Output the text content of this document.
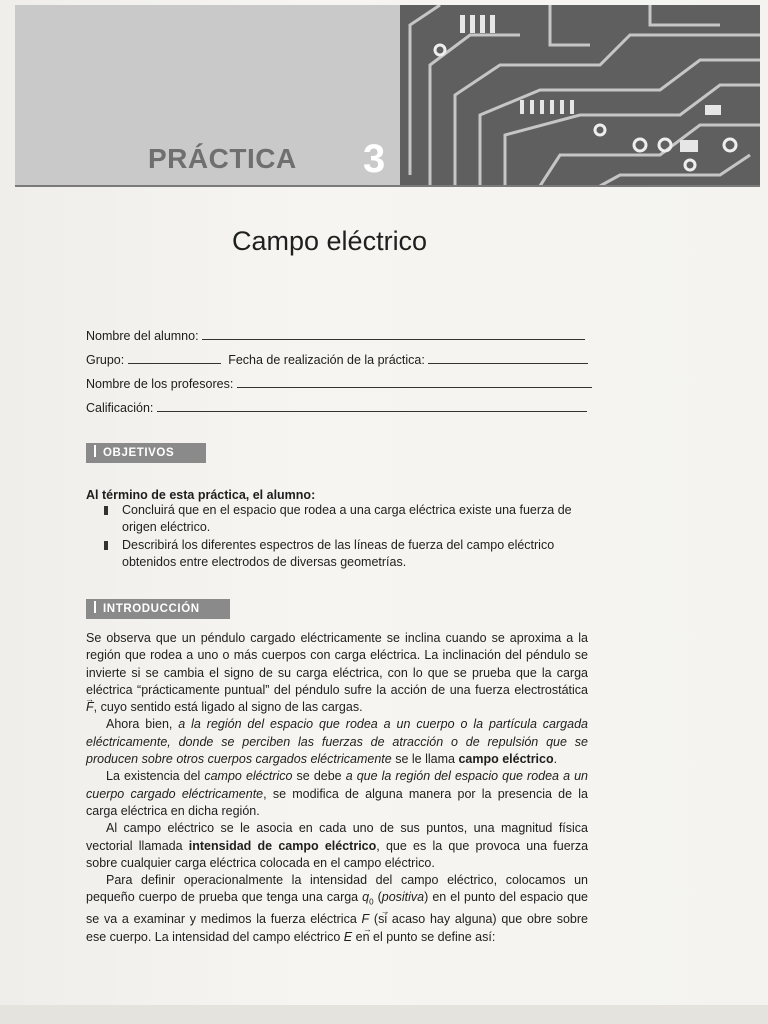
PRÁCTICA 3
Campo eléctrico
Nombre del alumno:
Grupo:	Fecha de realización de la práctica:
Nombre de los profesores:
Calificación:
OBJETIVOS
Al término de esta práctica, el alumno:
Concluirá que en el espacio que rodea a una carga eléctrica existe una fuerza de origen eléctrico.
Describirá los diferentes espectros de las líneas de fuerza del campo eléctrico obtenidos entre electrodos de diversas geometrías.
INTRODUCCIÓN

Se observa que un péndulo cargado eléctricamente se inclina cuando se aproxima a la región que rodea a uno o más cuerpos con carga eléctrica. La inclinación del péndulo se invierte si se cambia el signo de su carga eléctrica, con lo que se prueba que la carga eléctrica “prácticamente puntual” del péndulo sufre la acción de una fuerza electrostática → F, cuyo sentido está ligado al signo de las cargas.

Ahora bien, a la región del espacio que rodea a un cuerpo o la partícula cargada eléctricamente, donde se perciben las fuerzas de atracción o de repulsión que se producen sobre otros cuerpos cargados eléctricamente se le llama campo eléctrico.

La existencia del campo eléctrico se debe a que la región del espacio que rodea a un cuerpo cargado eléctricamente, se modifica de alguna manera por la presencia de la carga eléctrica en dicha región.

Al campo eléctrico se le asocia en cada uno de sus puntos, una magnitud física vectorial llamada intensidad de campo eléctrico, que es la que provoca una fuerza sobre cualquier carga eléctrica colocada en el campo eléctrico.

Para definir operacionalmente la intensidad del campo eléctrico, colocamos un pequeño cuerpo de prueba que tenga una carga $q_0$ (positiva) en el punto del espacio que se va a examinar y medimos la fuerza eléctrica → F (si acaso hay alguna) que obre sobre ese cuerpo. La intensidad del campo eléctrico → E en el punto se define así:
